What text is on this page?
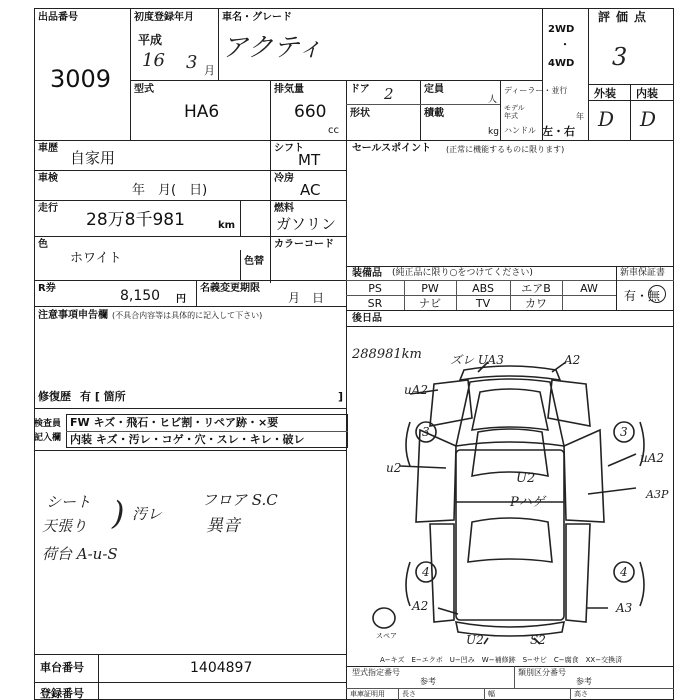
出品番号
3009
初度登録年月
平成
16 3 月
車名・グレード
アクティ
2WD
・
4WD
評価点
3
外装 内装
D D
型式
HA6
排気量
660
cc
ドア 2
形状
定員
人
積載
kg
ディーラー・並行
モデル年式	年
ハンドル 左・右
車歴
自家用
シフト
MT
車検
年　月(　日)
冷房
AC
走行
28万8千981	km
燃料
ガソリン
色
ホワイト	色替
カラーコード
R券	8,150 円
名義変更期限
月　日
セールスポイント (正常に機能するものに限ります)
装備品 (純正品に限り○をつけてください)	新車保証書
有・無
PS	PW	ABS	エアB	AW
SR	ナビ	TV	カワ
後日品
注意事項申告欄 (不具合内容等は具体的に記入して下さい)
修復歴 有 [ 箇所	]
検査員
記入欄
FW キズ・飛石・ヒビ割・リペア跡・×要
内装 キズ・汚レ・コゲ・穴・スレ・キレ・破レ
シート
天張り
荷台 A-u-S
) 汚レ
フロア S.C
異音
288981km ズレ UA3	A2
uA2
u2
uA2
A3P
U2
Pハゲ
A2	A3
U2	S2
3	3
4	4
スペア
A−キズ　E−エクボ　U−凹み　W−補修跡　S−サビ　C−腐食　XX−交換済
車台番号	1404897
登録番号
型式指定番号
参考
類別区分番号
参考
車庫証明用 長さ	幅	高さ
